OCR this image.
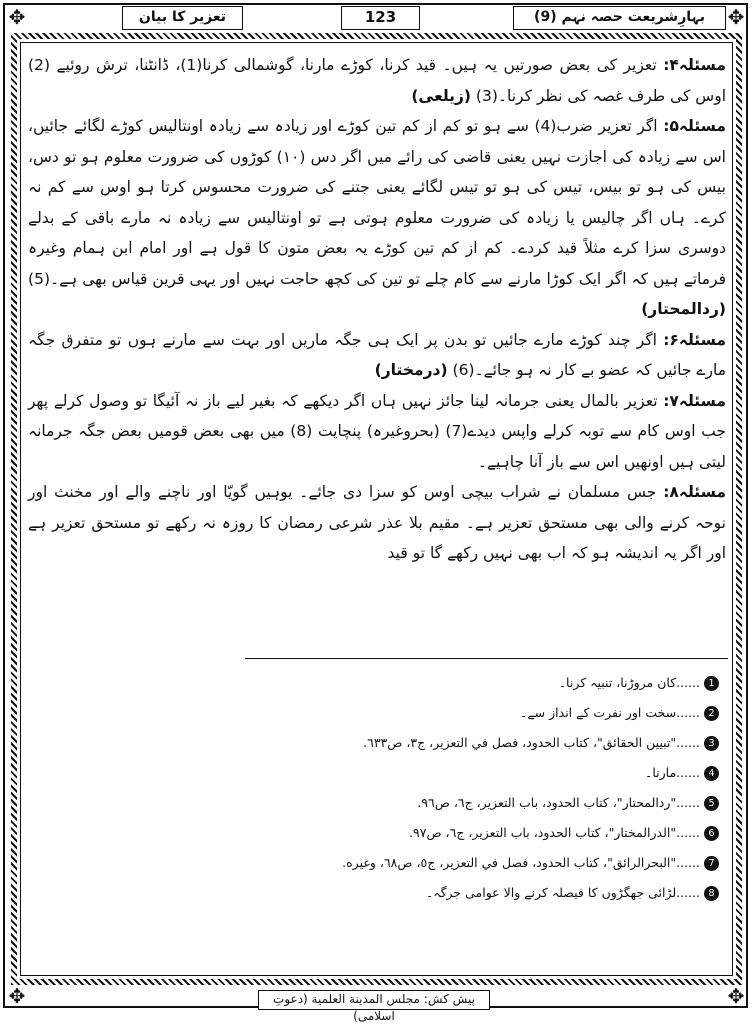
✥	✥
✥	✥
بہارِشریعت حصہ نہم (9)
123
تعزیر کا بیان

مسئلہ۴: تعزیر کی بعض صورتیں یہ ہیں۔ قید کرنا، کوڑے مارنا، گوشمالی کرنا(1)، ڈانٹنا، ترش روئیے (2) اوس کی طرف غصہ کی نظر کرنا۔(3) (زیلعی)

مسئلہ۵: اگر تعزیر ضرب(4) سے ہو تو کم از کم تین کوڑے اور زیادہ سے زیادہ اونتالیس کوڑے لگائے جائیں، اس سے زیادہ کی اجازت نہیں یعنی قاضی کی رائے میں اگر دس (۱۰) کوڑوں کی ضرورت معلوم ہو تو دس، بیس کی ہو تو بیس، تیس کی ہو تو تیس لگائے یعنی جتنے کی ضرورت محسوس کرتا ہو اوس سے کم نہ کرے۔ ہاں اگر چالیس یا زیادہ کی ضرورت معلوم ہوتی ہے تو اونتالیس سے زیادہ نہ مارے باقی کے بدلے دوسری سزا کرے مثلاً قید کردے۔ کم از کم تین کوڑے یہ بعض متون کا قول ہے اور امام ابن ہمام وغیرہ فرماتے ہیں کہ اگر ایک کوڑا مارنے سے کام چلے تو تین کی کچھ حاجت نہیں اور یہی قرین قیاس بھی ہے۔(5) (ردالمحتار)

مسئلہ۶: اگر چند کوڑے مارے جائیں تو بدن پر ایک ہی جگہ ماریں اور بہت سے مارنے ہوں تو متفرق جگہ مارے جائیں کہ عضو بے کار نہ ہو جائے۔(6) (درمختار)

مسئلہ۷: تعزیر بالمال یعنی جرمانہ لینا جائز نہیں ہاں اگر دیکھے کہ بغیر لیے باز نہ آئیگا تو وصول کرلے پھر جب اوس کام سے توبہ کرلے واپس دیدے(7) (بحروغیرہ) پنچایت (8) میں بھی بعض قومیں بعض جگہ جرمانہ لیتی ہیں اونھیں اس سے باز آنا چاہیے۔

مسئلہ۸: جس مسلمان نے شراب بیچی اوس کو سزا دی جائے۔ یوہیں گویّا اور ناچنے والے اور مخنث اور نوحہ کرنے والی بھی مستحق تعزیر ہے۔ مقیم بلا عذر شرعی رمضان کا روزہ نہ رکھے تو مستحق تعزیر ہے اور اگر یہ اندیشہ ہو کہ اب بھی نہیں رکھے گا تو قید

1......کان مروڑنا، تنبیہ کرنا۔
2......سخت اور نفرت کے انداز سے۔
3......"تبیين الحقائق"، كتاب الحدود، فصل في التعزير، ج٣، ص٦٣٣.
4......مارنا۔
5......"ردالمحتار"، كتاب الحدود، باب التعزير، ج٦، ص٩٦.
6......"الدرالمختار"، كتاب الحدود، باب التعزير، ج٦، ص٩٧.
7......"البحرالرائق"، كتاب الحدود، فصل في التعزير، ج٥، ص٦٨، وغيره.
8......لڑائی جھگڑوں کا فیصلہ کرنے والا عوامی جرگہ۔
پیش کش: مجلس المدينة العلمية (دعوتِ اسلامی)
